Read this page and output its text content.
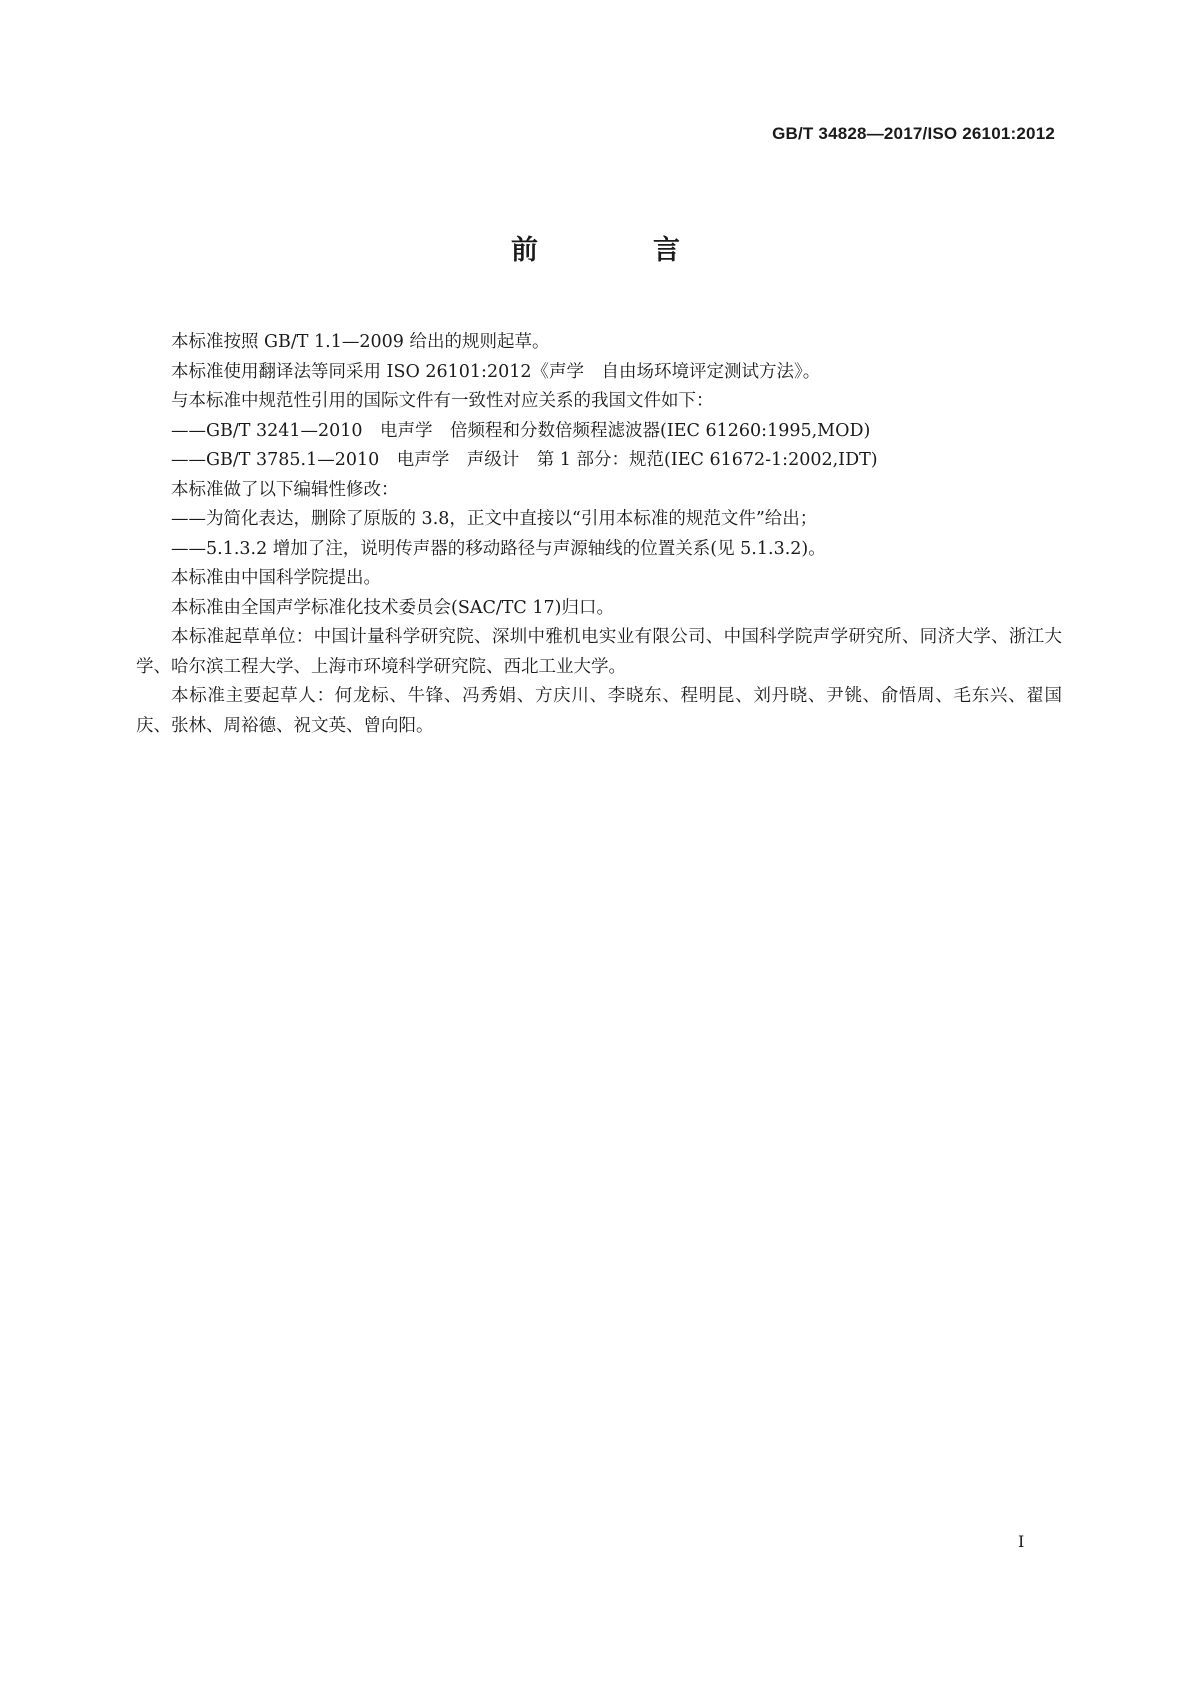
GB/T 34828—2017/ISO 26101:2012
前　言

本标准按照 GB/T 1.1—2009 给出的规则起草。

本标准使用翻译法等同采用 ISO 26101:2012《声学　自由场环境评定测试方法》。

与本标准中规范性引用的国际文件有一致性对应关系的我国文件如下：

——GB/T 3241—2010　电声学　倍频程和分数倍频程滤波器(IEC 61260:1995,MOD)

——GB/T 3785.1—2010　电声学　声级计　第 1 部分：规范(IEC 61672-1:2002,IDT)

本标准做了以下编辑性修改：

——为简化表达，删除了原版的 3.8，正文中直接以“引用本标准的规范文件”给出；

——5.1.3.2 增加了注，说明传声器的移动路径与声源轴线的位置关系(见 5.1.3.2)。

本标准由中国科学院提出。

本标准由全国声学标准化技术委员会(SAC/TC 17)归口。

本标准起草单位：中国计量科学研究院、深圳中雅机电实业有限公司、中国科学院声学研究所、同济大学、浙江大学、哈尔滨工程大学、上海市环境科学研究院、西北工业大学。

本标准主要起草人：何龙标、牛锋、冯秀娟、方庆川、李晓东、程明昆、刘丹晓、尹铫、俞悟周、毛东兴、翟国庆、张林、周裕德、祝文英、曾向阳。

I
